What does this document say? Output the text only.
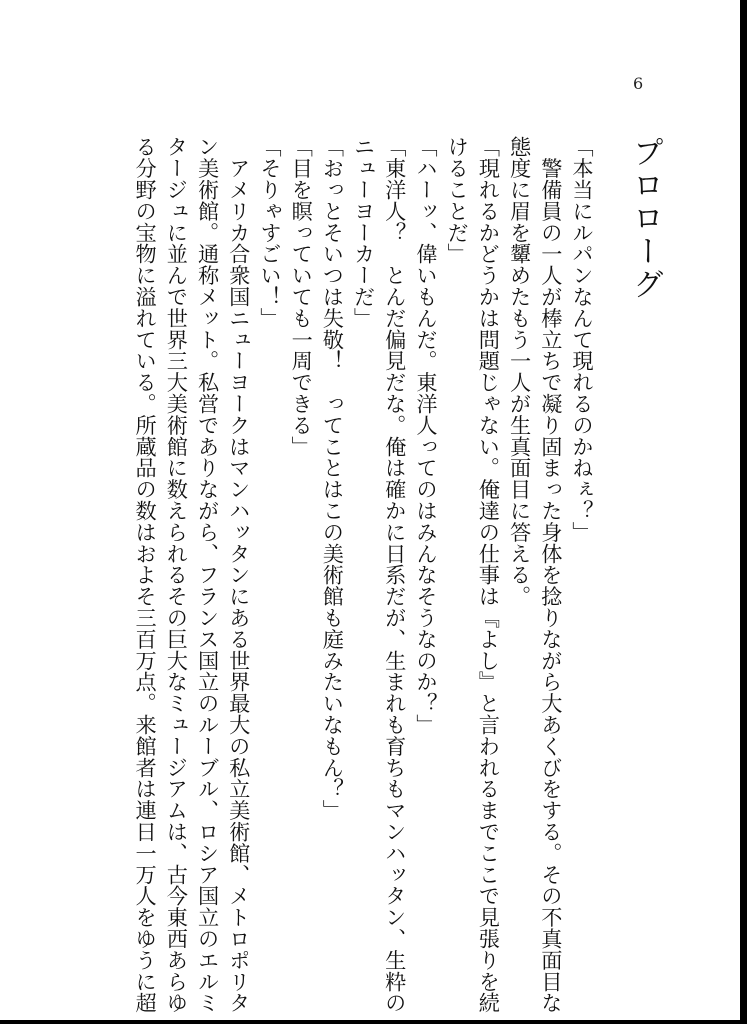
6
プロローグ

「本当にルパンなんて現れるのかねぇ？」

　警備員の一人が棒立ちで凝り固まった身体を捻りながら大あくびをする。その不真面目な

態度に眉を顰めたもう一人が生真面目に答える。

「現れるかどうかは問題じゃない。俺達の仕事は『よし』と言われるまでここで見張りを続

けることだ」

「ハーッ、偉いもんだ。東洋人ってのはみんなそうなのか？」

「東洋人？　とんだ偏見だな。俺は確かに日系だが、生まれも育ちもマンハッタン、生粋の

ニューヨーカーだ」

「おっとそいつは失敬！　ってことはこの美術館も庭みたいなもん？」

「目を瞑っていても一周できる」

「そりゃすごい！」

　アメリカ合衆国ニューヨークはマンハッタンにある世界最大の私立美術館、メトロポリタ

ン美術館。通称メット。私営でありながら、フランス国立のルーブル、ロシア国立のエルミ

タージュに並んで世界三大美術館に数えられるその巨大なミュージアムは、古今東西あらゆ

る分野の宝物に溢れている。所蔵品の数はおよそ三百万点。来館者は連日一万人をゆうに超
